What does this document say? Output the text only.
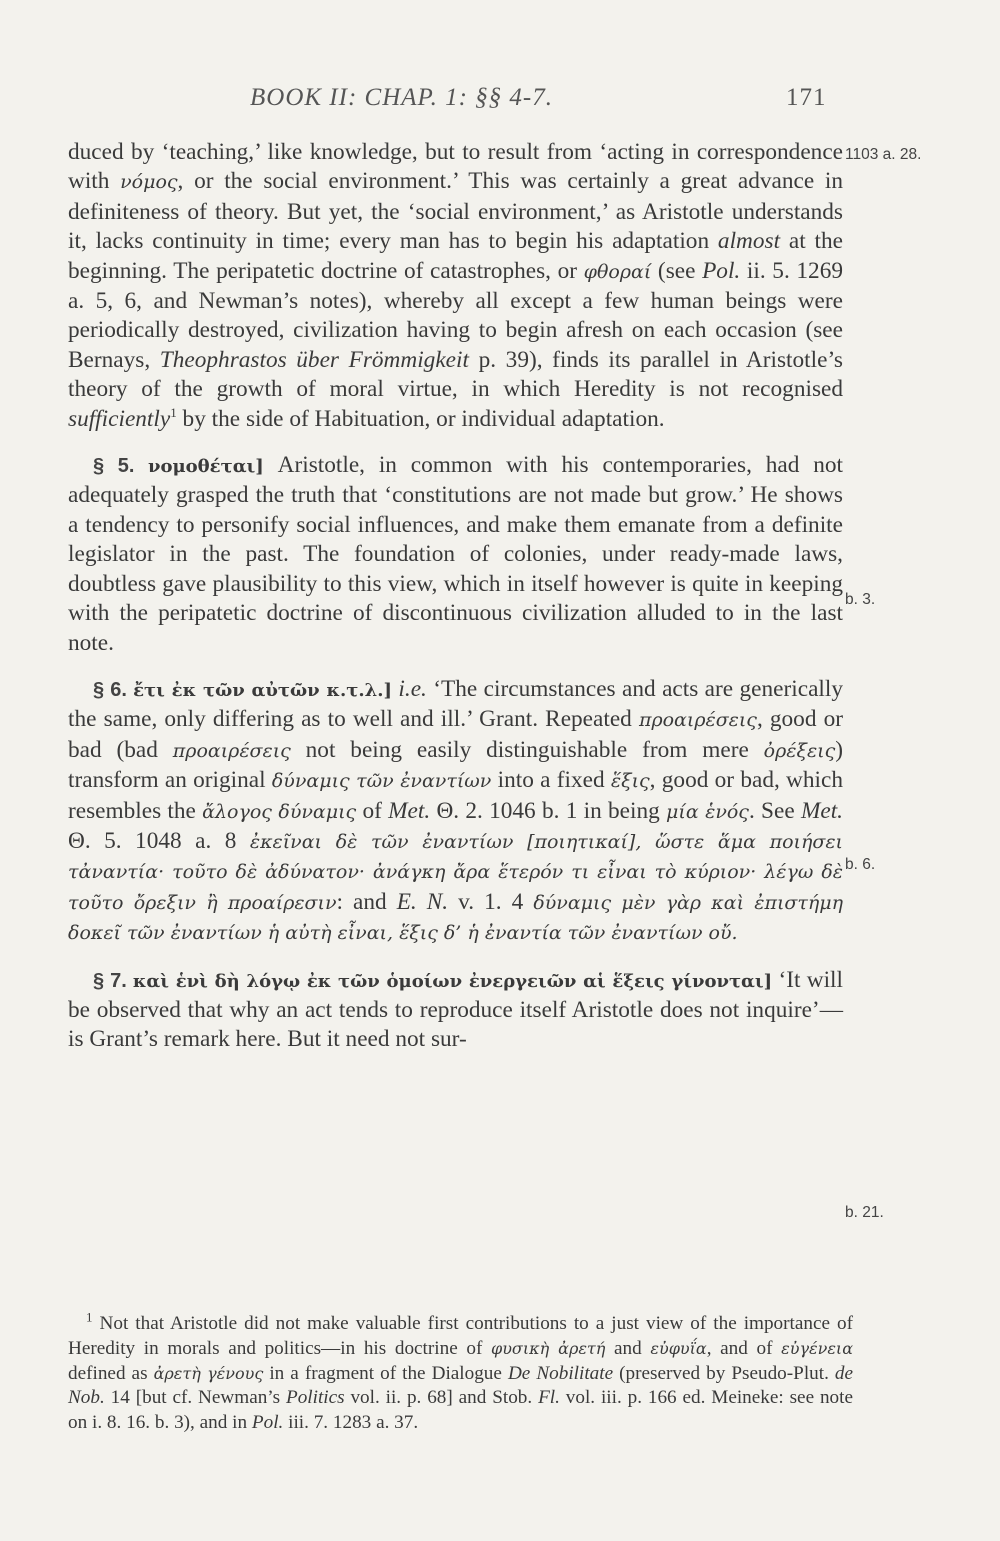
BOOK II: CHAP. 1: §§ 4-7.	171
1103 a. 28.
b. 3.
b. 6.
b. 21.

duced by ‘teaching,’ like knowledge, but to result from ‘acting in correspondence with νόμος, or the social environment.’ This was certainly a great advance in definiteness of theory. But yet, the ‘social environment,’ as Aristotle understands it, lacks continuity in time; every man has to begin his adaptation almost at the beginning. The peripatetic doctrine of catastrophes, or φθοραί (see Pol. ii. 5. 1269 a. 5, 6, and Newman’s notes), whereby all except a few human beings were periodically destroyed, civilization having to begin afresh on each occasion (see Bernays, Theophrastos über Frömmigkeit p. 39), finds its parallel in Aristotle’s theory of the growth of moral virtue, in which Heredity is not recognised sufficiently$^1$ by the side of Habituation, or individual adaptation.

§ 5. νομοθέται] Aristotle, in common with his contemporaries, had not adequately grasped the truth that ‘constitutions are not made but grow.’ He shows a tendency to personify social influences, and make them emanate from a definite legislator in the past. The foundation of colonies, under ready-made laws, doubtless gave plausibility to this view, which in itself however is quite in keeping with the peripatetic doctrine of discontinuous civilization alluded to in the last note.

§ 6. ἔτι ἐκ τῶν αὐτῶν κ.τ.λ.] i.e. ‘The circumstances and acts are generically the same, only differing as to well and ill.’ Grant. Repeated προαιρέσεις, good or bad (bad προαιρέσεις not being easily distinguishable from mere ὀρέξεις) transform an original δύναμις τῶν ἐναντίων into a fixed ἕξις, good or bad, which resembles the ἄλογος δύναμις of Met. Θ. 2. 1046 b. 1 in being μία ἑνός. See Met. Θ. 5. 1048 a. 8 ἐκεῖναι δὲ τῶν ἐναντίων [ποιητικαί], ὥστε ἅμα ποιήσει τἀναντία· τοῦτο δὲ ἀδύνατον· ἀνάγκη ἄρα ἕτερόν τι εἶναι τὸ κύριον· λέγω δὲ τοῦτο ὄρεξιν ἢ προαίρεσιν: and E. N. v. 1. 4 δύναμις μὲν γὰρ καὶ ἐπιστήμη δοκεῖ τῶν ἐναντίων ἡ αὐτὴ εἶναι, ἕξις δ’ ἡ ἐναντία τῶν ἐναντίων οὔ.

§ 7. καὶ ἑνὶ δὴ λόγῳ ἐκ τῶν ὁμοίων ἐνεργειῶν αἱ ἕξεις γίνονται] ‘It will be observed that why an act tends to reproduce itself Aristotle does not inquire’—is Grant’s remark here. But it need not sur-

$^1$ Not that Aristotle did not make valuable first contributions to a just view of the importance of Heredity in morals and politics—in his doctrine of φυσικὴ ἀρετή and εὐφυΐα, and of εὐγένεια defined as ἀρετὴ γένους in a fragment of the Dialogue De Nobilitate (preserved by Pseudo-Plut. de Nob. 14 [but cf. Newman’s Politics vol. ii. p. 68] and Stob. Fl. vol. iii. p. 166 ed. Meineke: see note on i. 8. 16. b. 3), and in Pol. iii. 7. 1283 a. 37.
